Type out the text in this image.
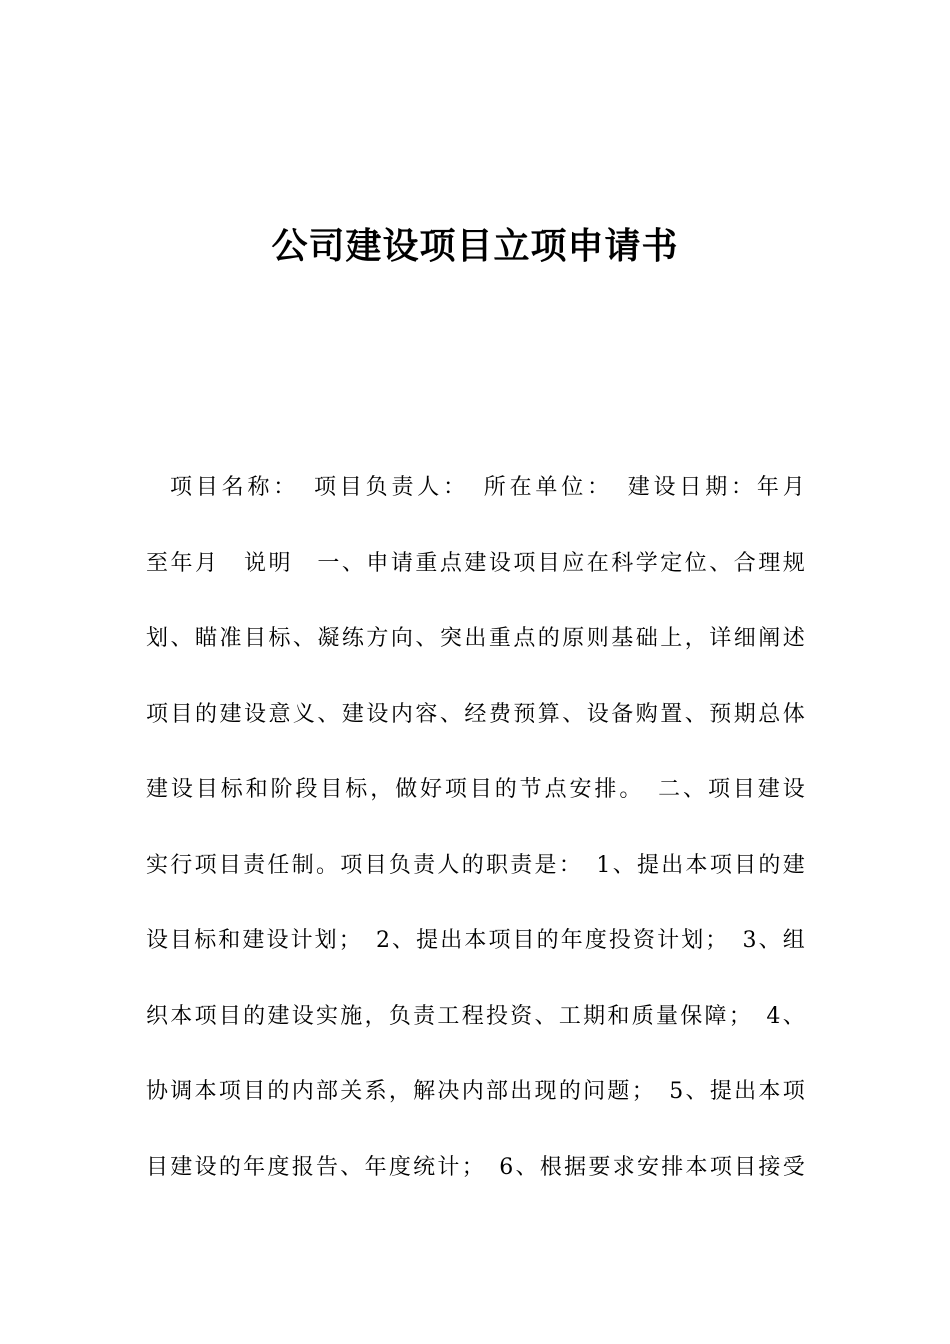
公司建设项目立项申请书
项目名称：　项目负责人：　所在单位：　建设日期：年月
至年月　说明　一、申请重点建设项目应在科学定位、合理规
划、瞄准目标、凝练方向、突出重点的原则基础上，详细阐述
项目的建设意义、建设内容、经费预算、设备购置、预期总体
建设目标和阶段目标，做好项目的节点安排。　二、项目建设
实行项目责任制。项目负责人的职责是：　1、提出本项目的建
设目标和建设计划；　2、提出本项目的年度投资计划；　3、组
织本项目的建设实施，负责工程投资、工期和质量保障；　4、
协调本项目的内部关系，解决内部出现的问题；　5、提出本项
目建设的年度报告、年度统计；　6、根据要求安排本项目接受
